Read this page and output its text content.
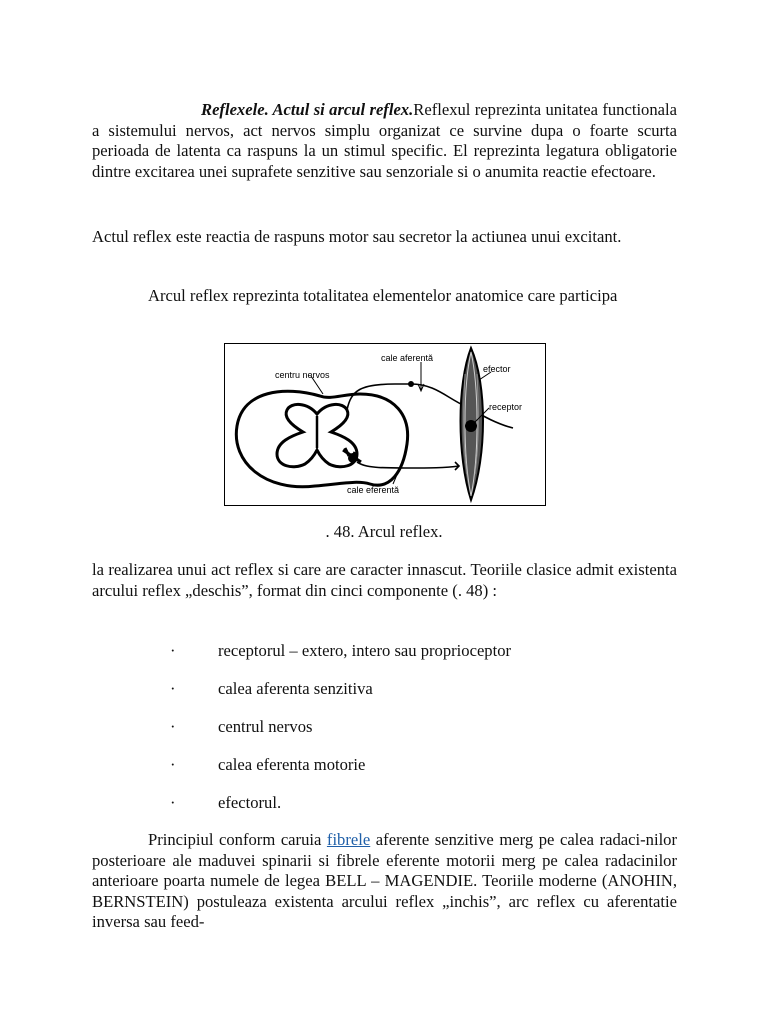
Reflexele. Actul si arcul reflex.Reflexul reprezinta unitatea functionala a sistemului nervos, act nervos simplu organizat ce survine dupa o foarte scurta perioada de latenta ca raspuns la un stimul specific. El reprezinta legatura obligatorie dintre excitarea unei suprafete senzitive sau senzoriale si o anumita reactie efectoare.

Actul reflex este reactia de raspuns motor sau secretor la actiunea unui excitant.

Arcul reflex reprezinta totalitatea elementelor anatomice care participa

centru nervos
cale aferentă
efector
receptor
cale eferentă
. 48. Arcul reflex.

la realizarea unui act reflex si care are caracter innascut. Teoriile clasice admit existenta arcului reflex „deschis”, format din cinci componente (. 48) :

·	receptorul – extero, intero sau proprioceptor
·	calea aferenta senzitiva
·	centrul nervos
·	calea eferenta motorie
·	efectorul.

Principiul conform caruia fibrele aferente senzitive merg pe calea radaci-nilor posterioare ale maduvei spinarii si fibrele eferente motorii merg pe calea radacinilor anterioare poarta numele de legea BELL – MAGENDIE. Teoriile moderne (ANOHIN, BERNSTEIN) postuleaza existenta arcului reflex „inchis”, arc reflex cu aferentatie inversa sau feed-
